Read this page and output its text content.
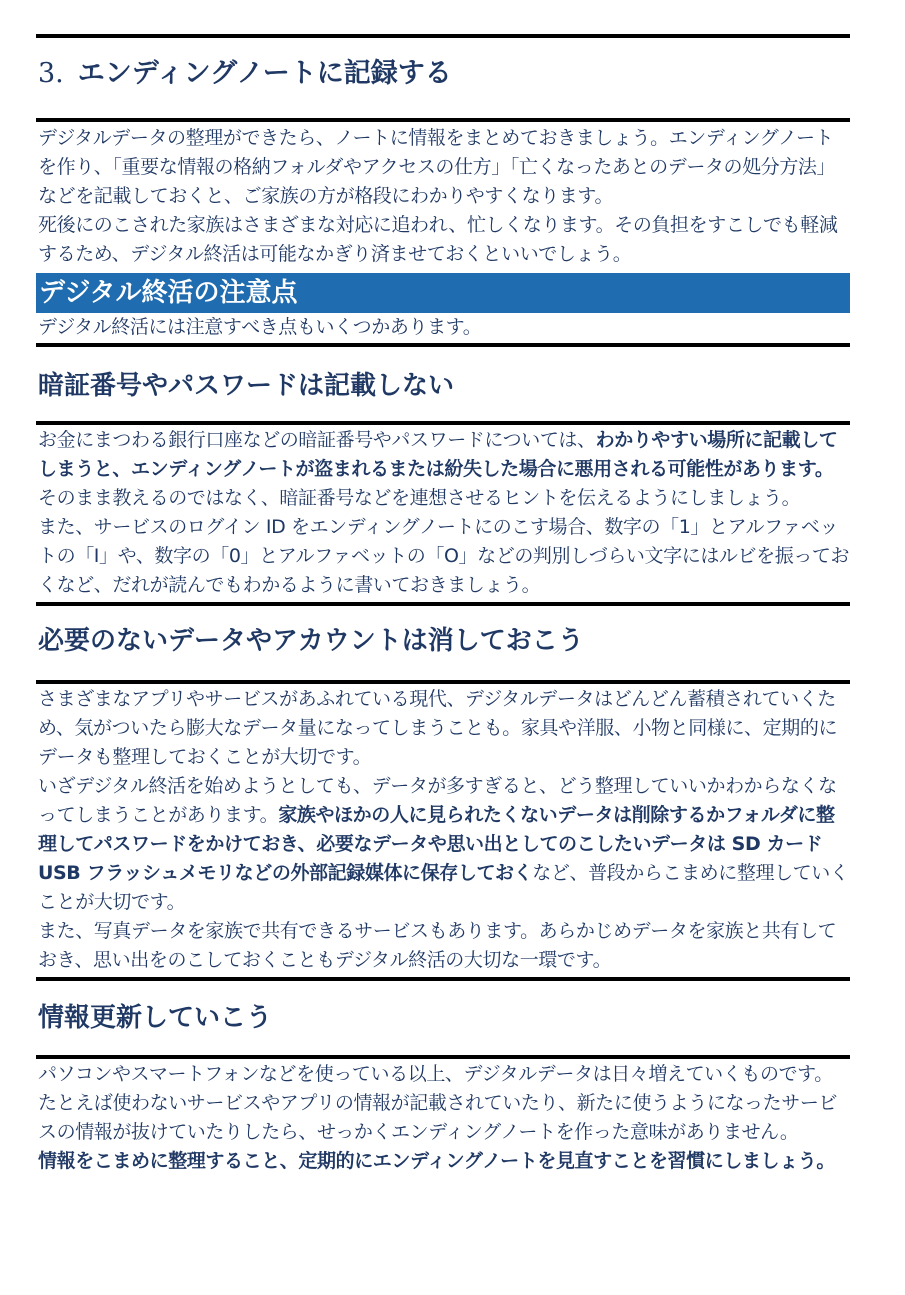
3. エンディングノートに記録する

デジタルデータの整理ができたら、ノートに情報をまとめておきましょう。エンディングノートを作り、「重要な情報の格納フォルダやアクセスの仕方」「亡くなったあとのデータの処分方法」などを記載しておくと、ご家族の方が格段にわかりやすくなります。

死後にのこされた家族はさまざまな対応に追われ、忙しくなります。その負担をすこしでも軽減するため、デジタル終活は可能なかぎり済ませておくといいでしょう。

デジタル終活の注意点
デジタル終活には注意すべき点もいくつかあります。
暗証番号やパスワードは記載しない

お金にまつわる銀行口座などの暗証番号やパスワードについては、わかりやすい場所に記載してしまうと、エンディングノートが盗まれるまたは紛失した場合に悪用される可能性があります。そのまま教えるのではなく、暗証番号などを連想させるヒントを伝えるようにしましょう。

また、サービスのログイン ID をエンディングノートにのこす場合、数字の「1」とアルファベットの「I」や、数字の「0」とアルファベットの「O」などの判別しづらい文字にはルビを振っておくなど、だれが読んでもわかるように書いておきましょう。

必要のないデータやアカウントは消しておこう

さまざまなアプリやサービスがあふれている現代、デジタルデータはどんどん蓄積されていくため、気がついたら膨大なデータ量になってしまうことも。家具や洋服、小物と同様に、定期的にデータも整理しておくことが大切です。

いざデジタル終活を始めようとしても、データが多すぎると、どう整理していいかわからなくなってしまうことがあります。家族やほかの人に見られたくないデータは削除するかフォルダに整理してパスワードをかけておき、必要なデータや思い出としてのこしたいデータは SD カード USB フラッシュメモリなどの外部記録媒体に保存しておくなど、普段からこまめに整理していくことが大切です。

また、写真データを家族で共有できるサービスもあります。あらかじめデータを家族と共有しておき、思い出をのこしておくこともデジタル終活の大切な一環です。

情報更新していこう

パソコンやスマートフォンなどを使っている以上、デジタルデータは日々増えていくものです。たとえば使わないサービスやアプリの情報が記載されていたり、新たに使うようになったサービスの情報が抜けていたりしたら、せっかくエンディングノートを作った意味がありません。

情報をこまめに整理すること、定期的にエンディングノートを見直すことを習慣にしましょう。
